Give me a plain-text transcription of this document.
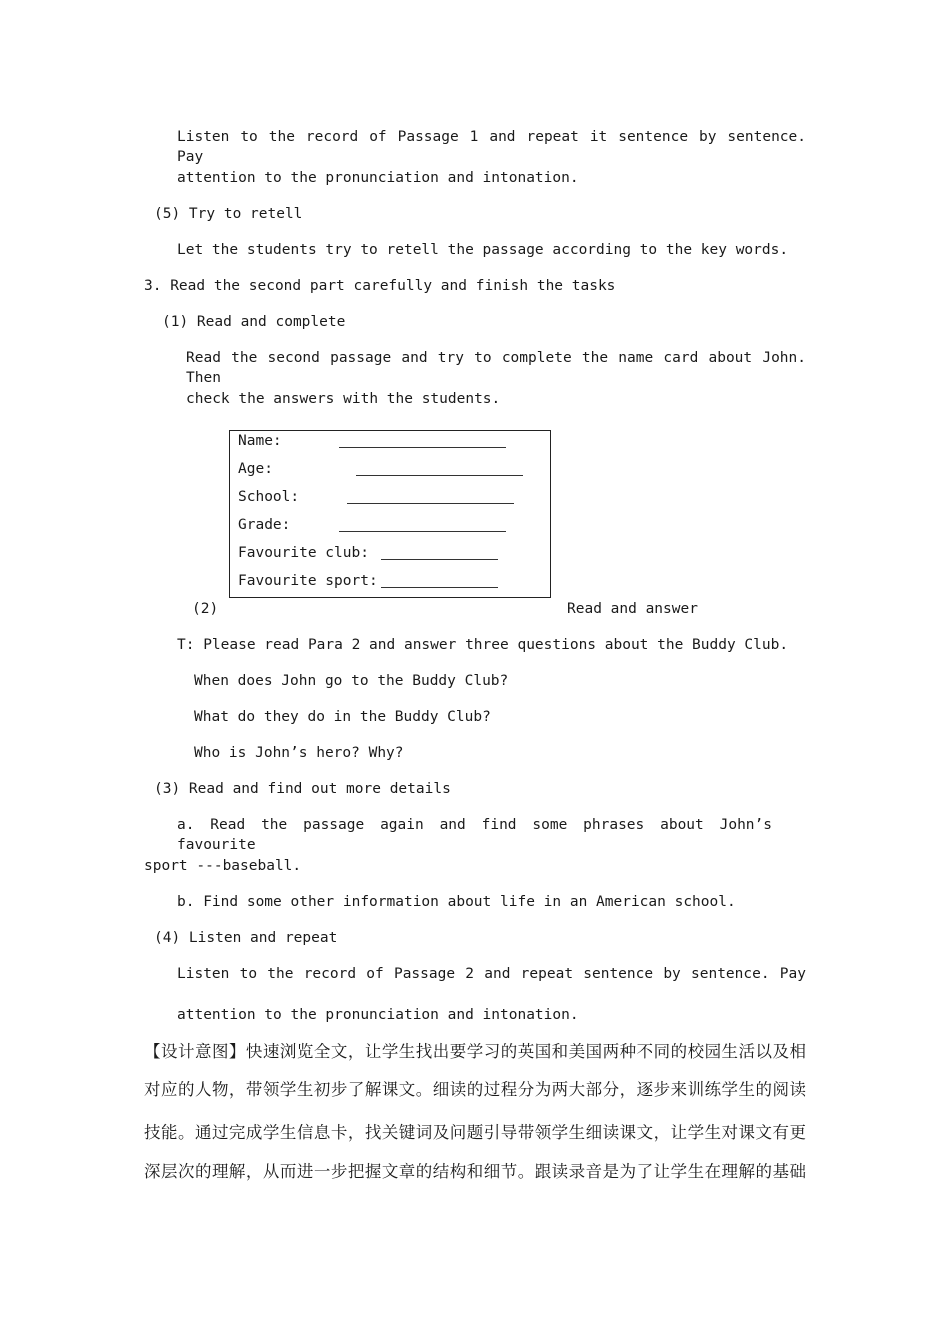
Listen to the record of Passage 1 and repeat it sentence by sentence. Pay
attention to the pronunciation and intonation.
(5) Try to retell
Let the students try to retell the passage according to the key words.
3. Read the second part carefully and finish the tasks
(1) Read and complete
Read the second passage and try to complete the name card about John. Then
check the answers with the students.
Name:
Age:
School:
Grade:
Favourite club:
Favourite sport:
(2)	Read and answer
T: Please read Para 2 and answer three questions about the Buddy Club.
When does John go to the Buddy Club?
What do they do in the Buddy Club?
Who is John’s hero? Why?
(3) Read and find out more details
a. Read the passage again and find some phrases about John’s favourite
sport ---baseball.
b. Find some other information about life in an American school.
(4) Listen and repeat
Listen to the record of Passage 2 and repeat sentence by sentence. Pay
attention to the pronunciation and intonation.
【设计意图】快速浏览全文，让学生找出要学习的英国和美国两种不同的校园生活以及相
对应的人物，带领学生初步了解课文。细读的过程分为两大部分，逐步来训练学生的阅读
技能。通过完成学生信息卡，找关键词及问题引导带领学生细读课文，让学生对课文有更
深层次的理解，从而进一步把握文章的结构和细节。跟读录音是为了让学生在理解的基础
